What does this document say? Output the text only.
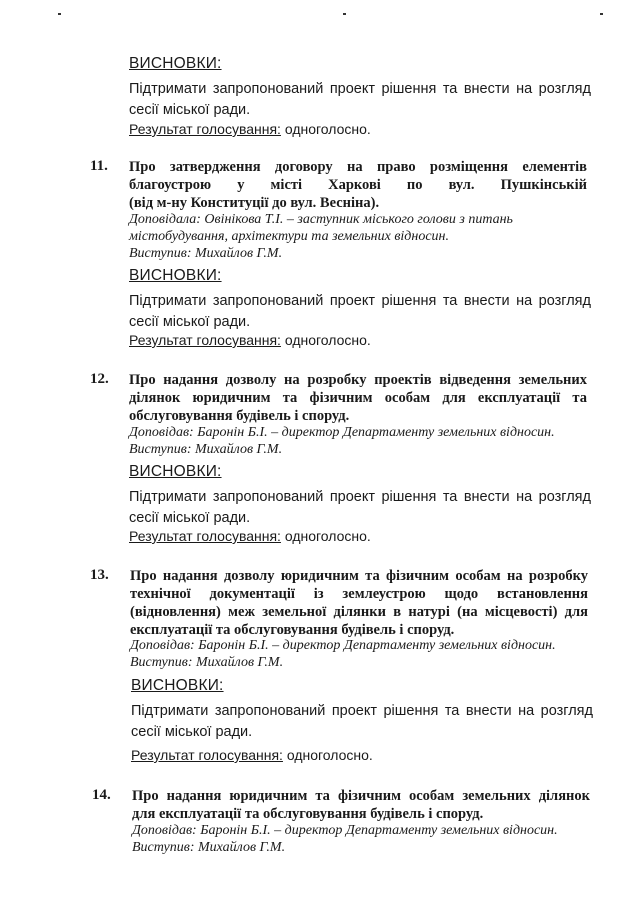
ВИСНОВКИ:
Підтримати запропонований проект рішення та внести на розгляд сесії міської ради.
Результат голосування: одноголосно.
11. Про затвердження договору на право розміщення елементів
благоустрою у місті Харкові по вул. Пушкінській
(від м-ну Конституції до вул. Весніна).
Доповідала: Овінікова Т.І. – заступник міського голови з питань містобудування, архітектури та земельних відносин.
Виступив: Михайлов Г.М.
ВИСНОВКИ:
Підтримати запропонований проект рішення та внести на розгляд сесії міської ради.
Результат голосування: одноголосно.
12. Про надання дозволу на розробку проектів відведення земельних
ділянок юридичним та фізичним особам для експлуатації та
обслуговування будівель і споруд.
Доповідав: Баронін Б.І. – директор Департаменту земельних відносин.
Виступив: Михайлов Г.М.
ВИСНОВКИ:
Підтримати запропонований проект рішення та внести на розгляд сесії міської ради.
Результат голосування: одноголосно.
13. Про надання дозволу юридичним та фізичним особам на розробку
технічної документації із землеустрою щодо встановлення
(відновлення) меж земельної ділянки в натурі (на місцевості) для
експлуатації та обслуговування будівель і споруд.
Доповідав: Баронін Б.І. – директор Департаменту земельних відносин.
Виступив: Михайлов Г.М.
ВИСНОВКИ:
Підтримати запропонований проект рішення та внести на розгляд сесії міської ради.
Результат голосування: одноголосно.
14. Про надання юридичним та фізичним особам земельних ділянок
для експлуатації та обслуговування будівель і споруд.
Доповідав: Баронін Б.І. – директор Департаменту земельних відносин.
Виступив: Михайлов Г.М.
